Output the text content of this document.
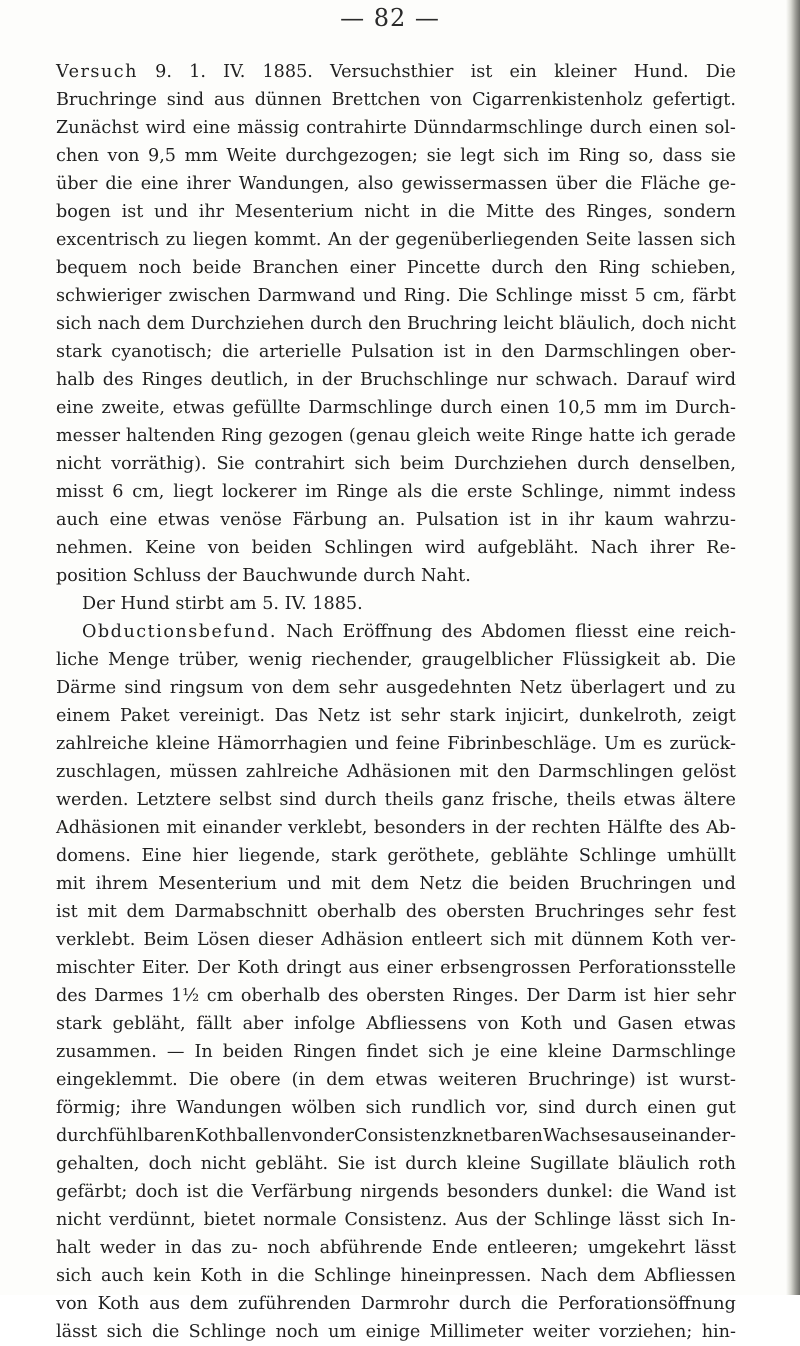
— 82 —
Versuch 9. 1. IV. 1885. Versuchsthier ist ein kleiner Hund. Die
Bruchringe sind aus dünnen Brettchen von Cigarrenkistenholz gefertigt.
Zunächst wird eine mässig contrahirte Dünndarmschlinge durch einen sol-
chen von 9,5 mm Weite durchgezogen; sie legt sich im Ring so, dass sie
über die eine ihrer Wandungen, also gewissermassen über die Fläche ge-
bogen ist und ihr Mesenterium nicht in die Mitte des Ringes, sondern
excentrisch zu liegen kommt. An der gegenüberliegenden Seite lassen sich
bequem noch beide Branchen einer Pincette durch den Ring schieben,
schwieriger zwischen Darmwand und Ring. Die Schlinge misst 5 cm, färbt
sich nach dem Durchziehen durch den Bruchring leicht bläulich, doch nicht
stark cyanotisch; die arterielle Pulsation ist in den Darmschlingen ober-
halb des Ringes deutlich, in der Bruchschlinge nur schwach. Darauf wird
eine zweite, etwas gefüllte Darmschlinge durch einen 10,5 mm im Durch-
messer haltenden Ring gezogen (genau gleich weite Ringe hatte ich gerade
nicht vorräthig). Sie contrahirt sich beim Durchziehen durch denselben,
misst 6 cm, liegt lockerer im Ringe als die erste Schlinge, nimmt indess
auch eine etwas venöse Färbung an. Pulsation ist in ihr kaum wahrzu-
nehmen. Keine von beiden Schlingen wird aufgebläht. Nach ihrer Re-
position Schluss der Bauchwunde durch Naht.
Der Hund stirbt am 5. IV. 1885.
Obductionsbefund. Nach Eröffnung des Abdomen fliesst eine reich-
liche Menge trüber, wenig riechender, graugelblicher Flüssigkeit ab. Die
Därme sind ringsum von dem sehr ausgedehnten Netz überlagert und zu
einem Paket vereinigt. Das Netz ist sehr stark injicirt, dunkelroth, zeigt
zahlreiche kleine Hämorrhagien und feine Fibrinbeschläge. Um es zurück-
zuschlagen, müssen zahlreiche Adhäsionen mit den Darmschlingen gelöst
werden. Letztere selbst sind durch theils ganz frische, theils etwas ältere
Adhäsionen mit einander verklebt, besonders in der rechten Hälfte des Ab-
domens. Eine hier liegende, stark geröthete, geblähte Schlinge umhüllt
mit ihrem Mesenterium und mit dem Netz die beiden Bruchringen und
ist mit dem Darmabschnitt oberhalb des obersten Bruchringes sehr fest
verklebt. Beim Lösen dieser Adhäsion entleert sich mit dünnem Koth ver-
mischter Eiter. Der Koth dringt aus einer erbsengrossen Perforationsstelle
des Darmes 1½ cm oberhalb des obersten Ringes. Der Darm ist hier sehr
stark gebläht, fällt aber infolge Abfliessens von Koth und Gasen etwas
zusammen. — In beiden Ringen findet sich je eine kleine Darmschlinge
eingeklemmt. Die obere (in dem etwas weiteren Bruchringe) ist wurst-
förmig; ihre Wandungen wölben sich rundlich vor, sind durch einen gut
durchfühlbaren Kothballen von der Consistenz knetbaren Wachses auseinander-
gehalten, doch nicht gebläht. Sie ist durch kleine Sugillate bläulich roth
gefärbt; doch ist die Verfärbung nirgends besonders dunkel: die Wand ist
nicht verdünnt, bietet normale Consistenz. Aus der Schlinge lässt sich In-
halt weder in das zu- noch abführende Ende entleeren; umgekehrt lässt
sich auch kein Koth in die Schlinge hineinpressen. Nach dem Abfliessen
von Koth aus dem zuführenden Darmrohr durch die Perforationsöffnung
lässt sich die Schlinge noch um einige Millimeter weiter vorziehen; hin-
